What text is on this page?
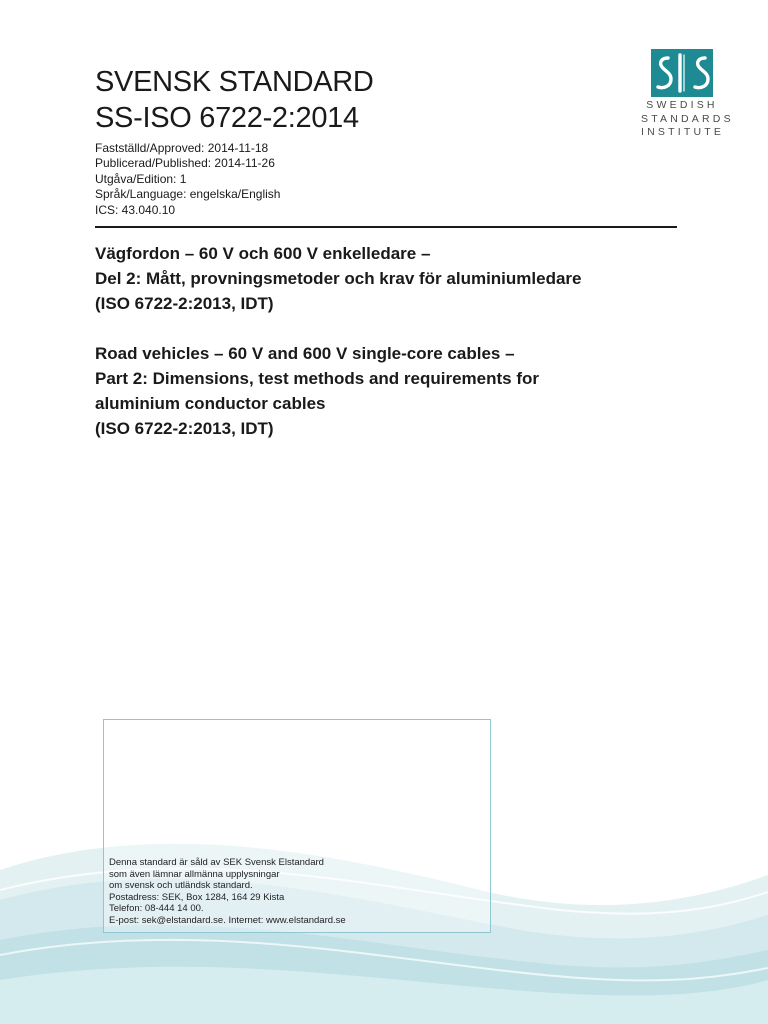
SVENSK STANDARD
SS-ISO 6722-2:2014
Fastställd/Approved: 2014-11-18
Publicerad/Published: 2014-11-26
Utgåva/Edition: 1
Språk/Language: engelska/English
ICS: 43.040.10
Vägfordon – 60 V och 600 V enkelledare –
Del 2: Mått, provningsmetoder och krav för aluminiumledare
(ISO 6722-2:2013, IDT)
Road vehicles – 60 V and 600 V single-core cables –
Part 2: Dimensions, test methods and requirements for
aluminium conductor cables
(ISO 6722-2:2013, IDT)
SWEDISH
STANDARDS
INSTITUTE
Denna standard är såld av SEK Svensk Elstandard
som även lämnar allmänna upplysningar
om svensk och utländsk standard.
Postadress: SEK, Box 1284, 164 29 Kista
Telefon: 08-444 14 00.
E-post: sek@elstandard.se. Internet: www.elstandard.se
